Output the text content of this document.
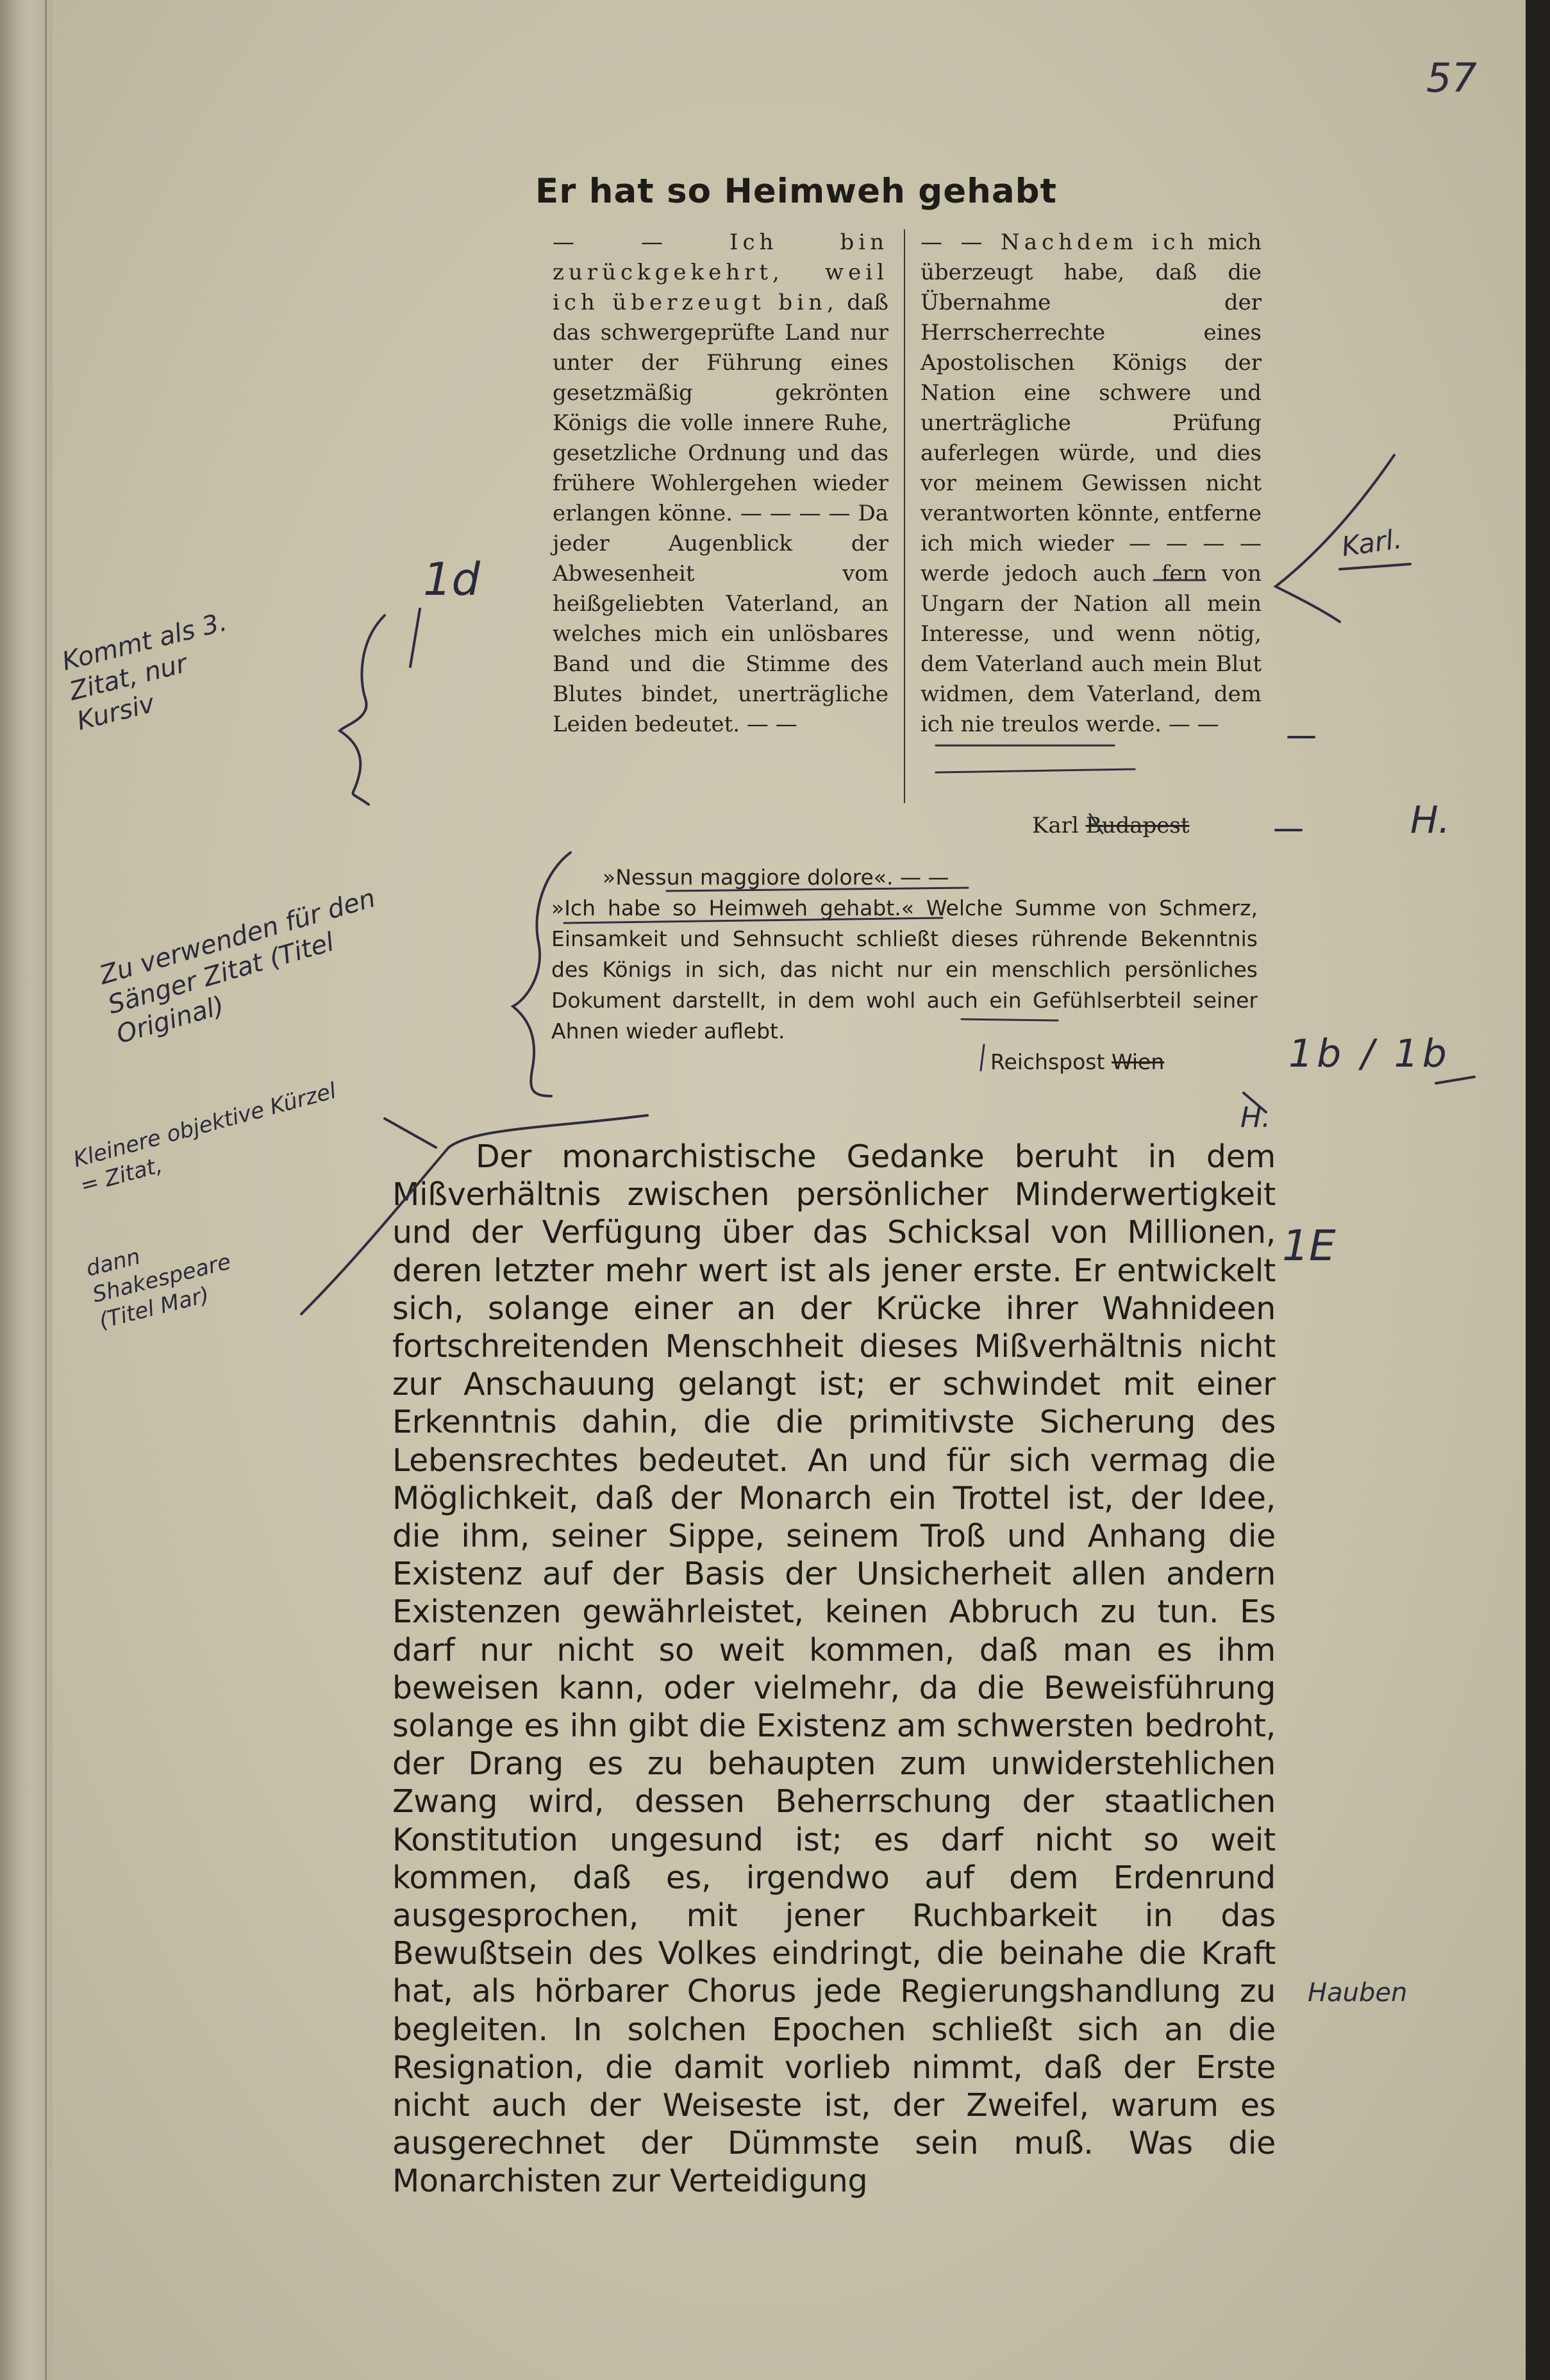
57
Er hat so Heimweh gehabt

— — Ich bin zurückgekehrt, weil ich überzeugt bin, daß das schwergeprüfte Land nur unter der Führung eines gesetzmäßig gekrönten Königs die volle innere Ruhe, gesetzliche Ordnung und das frühere Wohlergehen wieder erlangen könne. — — — — Da jeder Augenblick der Abwesenheit vom heißgeliebten Vaterland, an welches mich ein unlösbares Band und die Stimme des Blutes bindet, unerträgliche Leiden bedeutet. — —

— — Nachdem ich mich überzeugt habe, daß die Übernahme der Herrscherrechte eines Apostolischen Königs der Nation eine schwere und unerträgliche Prüfung auferlegen würde, und dies vor meinem Gewissen nicht verantworten könnte, entferne ich mich wieder — — — — werde jedoch auch fern von Ungarn der Nation all mein Interesse, und wenn nötig, dem Vaterland auch mein Blut widmen, dem Vaterland, dem ich nie treulos werde. — —

Karl Budapest

»Nessun maggiore dolore«. — —
»Ich habe so Heimweh gehabt.« Welche Summe von Schmerz, Einsamkeit und Sehnsucht schließt dieses rührende Bekenntnis des Königs in sich, das nicht nur ein menschlich persönliches Dokument darstellt, in dem wohl auch ein Gefühlserbteil seiner Ahnen wieder auflebt.

Reichspost Wien

Der monarchistische Gedanke beruht in dem Mißverhältnis zwischen persönlicher Minderwertigkeit und der Verfügung über das Schicksal von Millionen, deren letzter mehr wert ist als jener erste. Er entwickelt sich, solange einer an der Krücke ihrer Wahnideen fortschreitenden Menschheit dieses Mißverhältnis nicht zur Anschauung gelangt ist; er schwindet mit einer Erkenntnis dahin, die die primitivste Sicherung des Lebensrechtes bedeutet. An und für sich vermag die Möglichkeit, daß der Monarch ein Trottel ist, der Idee, die ihm, seiner Sippe, seinem Troß und Anhang die Existenz auf der Basis der Unsicherheit allen andern Existenzen gewährleistet, keinen Abbruch zu tun. Es darf nur nicht so weit kommen, daß man es ihm beweisen kann, oder vielmehr, da die Beweisführung solange es ihn gibt die Existenz am schwersten bedroht, der Drang es zu behaupten zum unwiderstehlichen Zwang wird, dessen Beherrschung der staatlichen Konstitution ungesund ist; es darf nicht so weit kommen, daß es, irgendwo auf dem Erdenrund ausgesprochen, mit jener Ruchbarkeit in das Bewußtsein des Volkes eindringt, die beinahe die Kraft hat, als hörbarer Chorus jede Regierungshandlung zu begleiten. In solchen Epochen schließt sich an die Resignation, die damit vorlieb nimmt, daß der Erste nicht auch der Weiseste ist, der Zweifel, warum es ausgerechnet der Dümmste sein muß. Was die Monarchisten zur Verteidigung

Kommt als 3. Zitat, nur Kursiv
Zu verwenden für den Sänger Zitat (Titel Original)
Kleinere objektive Kürzel = Zitat,
dann Shakespeare (Titel Mar)
1d
Karl.
H.
H.
1b / 1b
1E
Hauben
